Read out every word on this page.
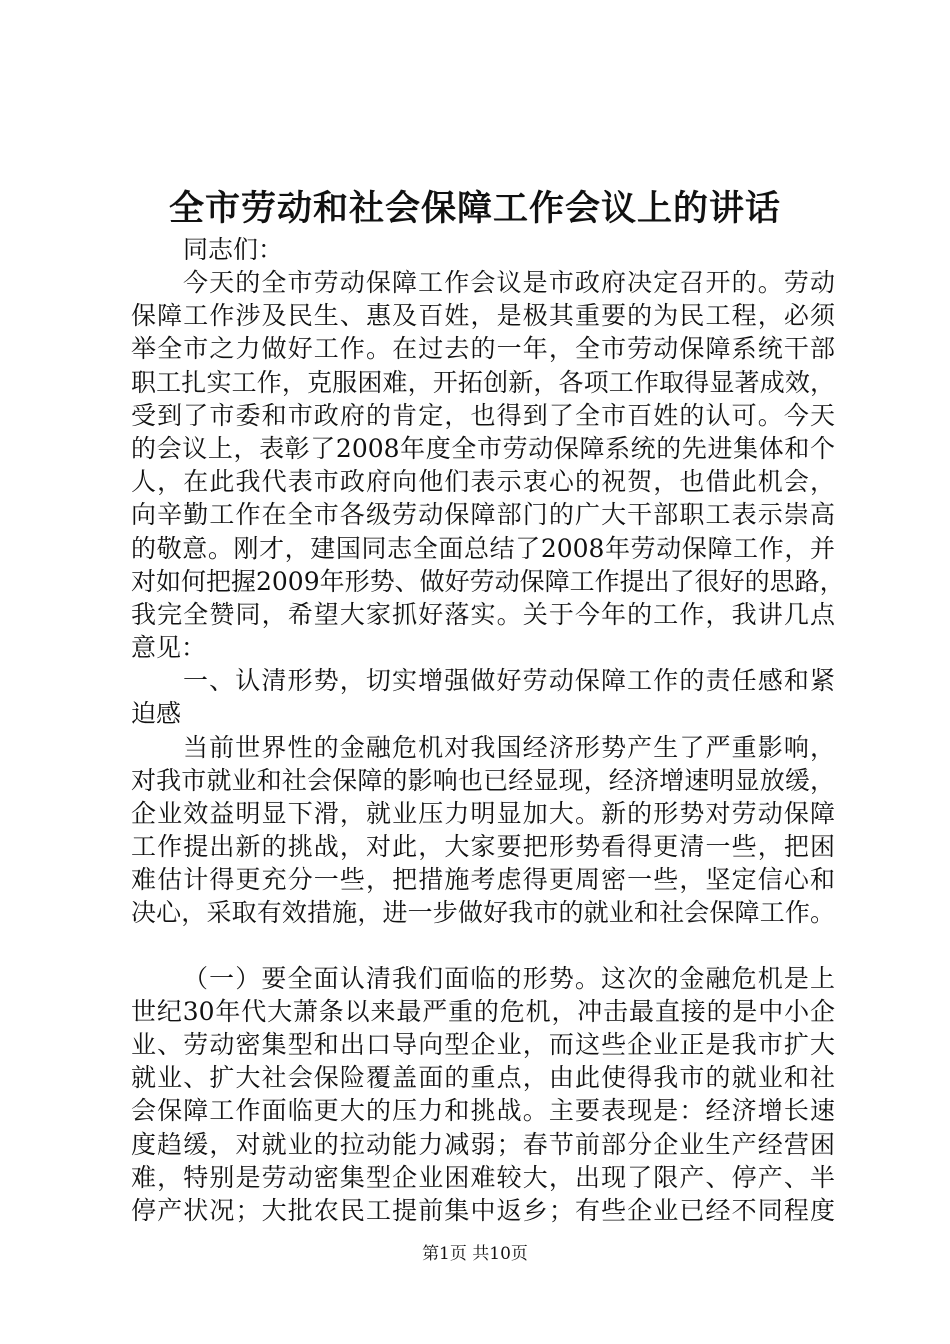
全市劳动和社会保障工作会议上的讲话
同志们：
今天的全市劳动保障工作会议是市政府决定召开的。劳动
保障工作涉及民生、惠及百姓，是极其重要的为民工程，必须
举全市之力做好工作。在过去的一年，全市劳动保障系统干部
职工扎实工作，克服困难，开拓创新，各项工作取得显著成效，
受到了市委和市政府的肯定，也得到了全市百姓的认可。今天
的会议上，表彰了2008年度全市劳动保障系统的先进集体和个
人，在此我代表市政府向他们表示衷心的祝贺，也借此机会，
向辛勤工作在全市各级劳动保障部门的广大干部职工表示崇高
的敬意。刚才，建国同志全面总结了2008年劳动保障工作，并
对如何把握2009年形势、做好劳动保障工作提出了很好的思路，
我完全赞同，希望大家抓好落实。关于今年的工作，我讲几点
意见：
一、认清形势，切实增强做好劳动保障工作的责任感和紧
迫感
当前世界性的金融危机对我国经济形势产生了严重影响，
对我市就业和社会保障的影响也已经显现，经济增速明显放缓，
企业效益明显下滑，就业压力明显加大。新的形势对劳动保障
工作提出新的挑战，对此，大家要把形势看得更清一些，把困
难估计得更充分一些，把措施考虑得更周密一些，坚定信心和
决心，采取有效措施，进一步做好我市的就业和社会保障工作。
（一）要全面认清我们面临的形势。这次的金融危机是上
世纪30年代大萧条以来最严重的危机，冲击最直接的是中小企
业、劳动密集型和出口导向型企业，而这些企业正是我市扩大
就业、扩大社会保险覆盖面的重点，由此使得我市的就业和社
会保障工作面临更大的压力和挑战。主要表现是：经济增长速
度趋缓，对就业的拉动能力减弱；春节前部分企业生产经营困
难，特别是劳动密集型企业困难较大，出现了限产、停产、半
停产状况；大批农民工提前集中返乡；有些企业已经不同程度
第1页 共10页
